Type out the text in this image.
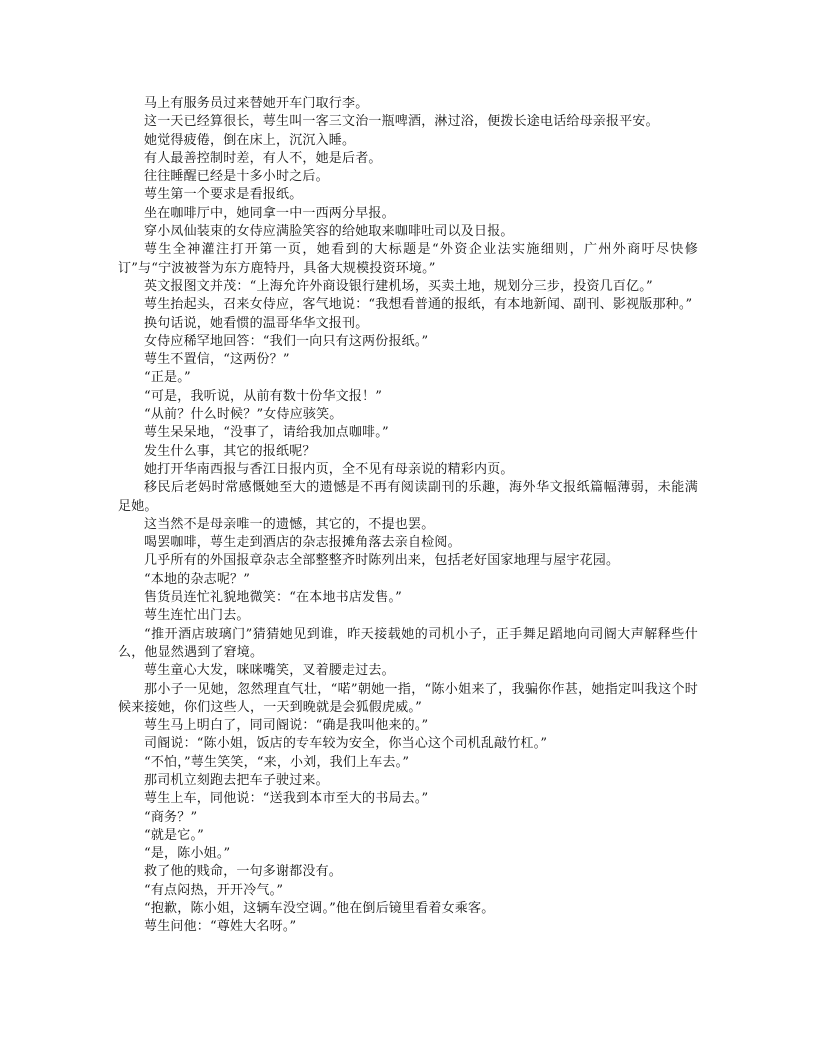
马上有服务员过来替她开车门取行李。

这一天已经算很长，萼生叫一客三文治一瓶啤酒，淋过浴，便拨长途电话给母亲报平安。

她觉得疲倦，倒在床上，沉沉入睡。

有人最善控制时差，有人不，她是后者。

往往睡醒已经是十多小时之后。

萼生第一个要求是看报纸。

坐在咖啡厅中，她同拿一中一西两分早报。

穿小凤仙装束的女侍应满脸笑容的给她取来咖啡吐司以及日报。

萼生全神灌注打开第一页，她看到的大标题是“外资企业法实施细则，广州外商吁尽快修订”与“宁波被誉为东方鹿特丹，具备大规模投资环境。”

英文报图文并茂：“上海允许外商设银行建机场，买卖土地，规划分三步，投资几百亿。”

萼生抬起头，召来女侍应，客气地说：“我想看普通的报纸，有本地新闻、副刊、影视版那种。”

换句话说，她看惯的温哥华华文报刊。

女侍应稀罕地回答：“我们一向只有这两份报纸。”

萼生不置信，“这两份？”

“正是。”

“可是，我听说，从前有数十份华文报！”

“从前？什么时候？”女侍应骇笑。

萼生呆呆地，“没事了，请给我加点咖啡。”

发生什么事，其它的报纸呢？

她打开华南西报与香江日报内页，全不见有母亲说的精彩内页。

移民后老妈时常感慨她至大的遗憾是不再有阅读副刊的乐趣，海外华文报纸篇幅薄弱，未能满足她。

这当然不是母亲唯一的遗憾，其它的，不提也罢。

喝罢咖啡，萼生走到酒店的杂志报摊角落去亲自检阅。

几乎所有的外国报章杂志全部整整齐时陈列出来，包括老好国家地理与屋宇花园。

“本地的杂志呢？”

售货员连忙礼貌地微笑：“在本地书店发售。”

萼生连忙出门去。

“推开酒店玻璃门”猜猜她见到谁，昨天接载她的司机小子，正手舞足蹈地向司阍大声解释些什么，他显然遇到了窘境。

萼生童心大发，咪咪嘴笑，叉着腰走过去。

那小子一见她，忽然理直气壮，“喏”朝她一指，“陈小姐来了，我骗你作甚，她指定叫我这个时候来接她，你们这些人，一天到晚就是会狐假虎威。”

萼生马上明白了，同司阍说：“确是我叫他来的。”

司阍说：“陈小姐，饭店的专车较为安全，你当心这个司机乱敲竹杠。”

“不怕，”萼生笑笑，“来，小刘，我们上车去。”

那司机立刻跑去把车子驶过来。

萼生上车，同他说：“送我到本市至大的书局去。”

“商务？”

“就是它。”

“是，陈小姐。”

救了他的贱命，一句多谢都没有。

“有点闷热，开开冷气。”

“抱歉，陈小姐，这辆车没空调。”他在倒后镜里看着女乘客。

萼生问他：“尊姓大名呀。”
